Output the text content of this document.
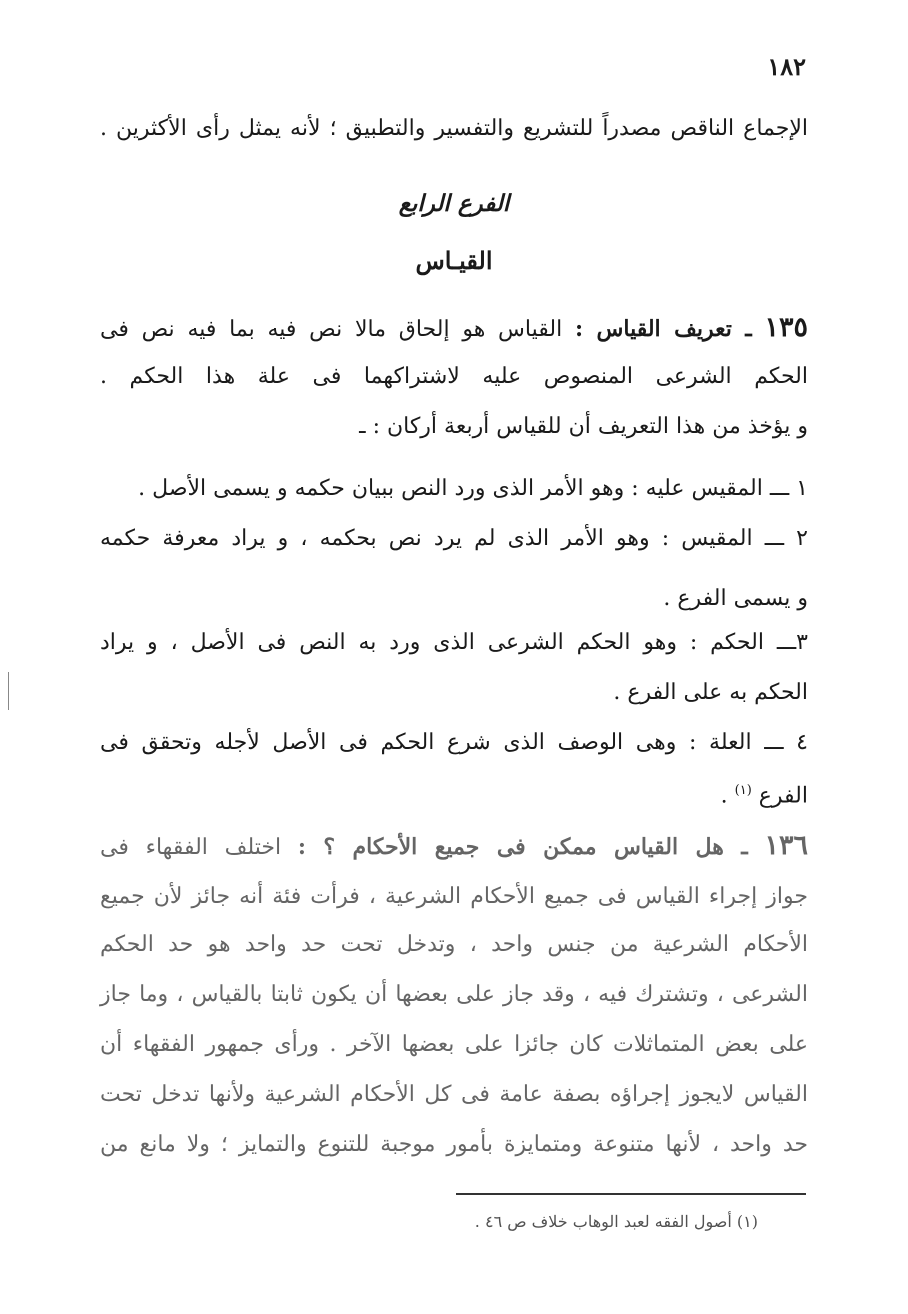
١٨٢
الإجماع الناقص مصدراً للتشريع والتفسير والتطبيق ؛ لأنه يمثل رأى الأكثرين .
الفرع الرابع
القيـاس
١٣٥ ـ تعريف القياس : القياس هو إلحاق مالا نص فيه بما فيه نص فى
الحكم الشرعى المنصوص عليه لاشتراكهما فى علة هذا الحكم .
و يؤخذ من هذا التعريف أن للقياس أربعة أركان : ـ
١ ـــ المقيس عليه : وهو الأمر الذى ورد النص ببيان حكمه و يسمى الأصل .
٢ ـــ المقيس : وهو الأمر الذى لم يرد نص بحكمه ، و يراد معرفة حكمه
و يسمى الفرع .
٣ـــ الحكم : وهو الحكم الشرعى الذى ورد به النص فى الأصل ، و يراد
الحكم به على الفرع .
٤ ـــ العلة : وهى الوصف الذى شرع الحكم فى الأصل لأجله وتحقق فى
الفرع $^{(١)}$ .
١٣٦ ـ هل القياس ممكن فى جميع الأحكام ؟ : اختلف الفقهاء فى
جواز إجراء القياس فى جميع الأحكام الشرعية ، فرأت فئة أنه جائز لأن جميع
الأحكام الشرعية من جنس واحد ، وتدخل تحت حد واحد هو حد الحكم
الشرعى ، وتشترك فيه ، وقد جاز على بعضها أن يكون ثابتا بالقياس ، وما جاز
على بعض المتماثلات كان جائزا على بعضها الآخر . ورأى جمهور الفقهاء أن
القياس لايجوز إجراؤه بصفة عامة فى كل الأحكام الشرعية ولأنها تدخل تحت
حد واحد ، لأنها متنوعة ومتمايزة بأمور موجبة للتنوع والتمايز ؛ ولا مانع من
(١) أصول الفقه لعبد الوهاب خلاف ص ٤٦ .
